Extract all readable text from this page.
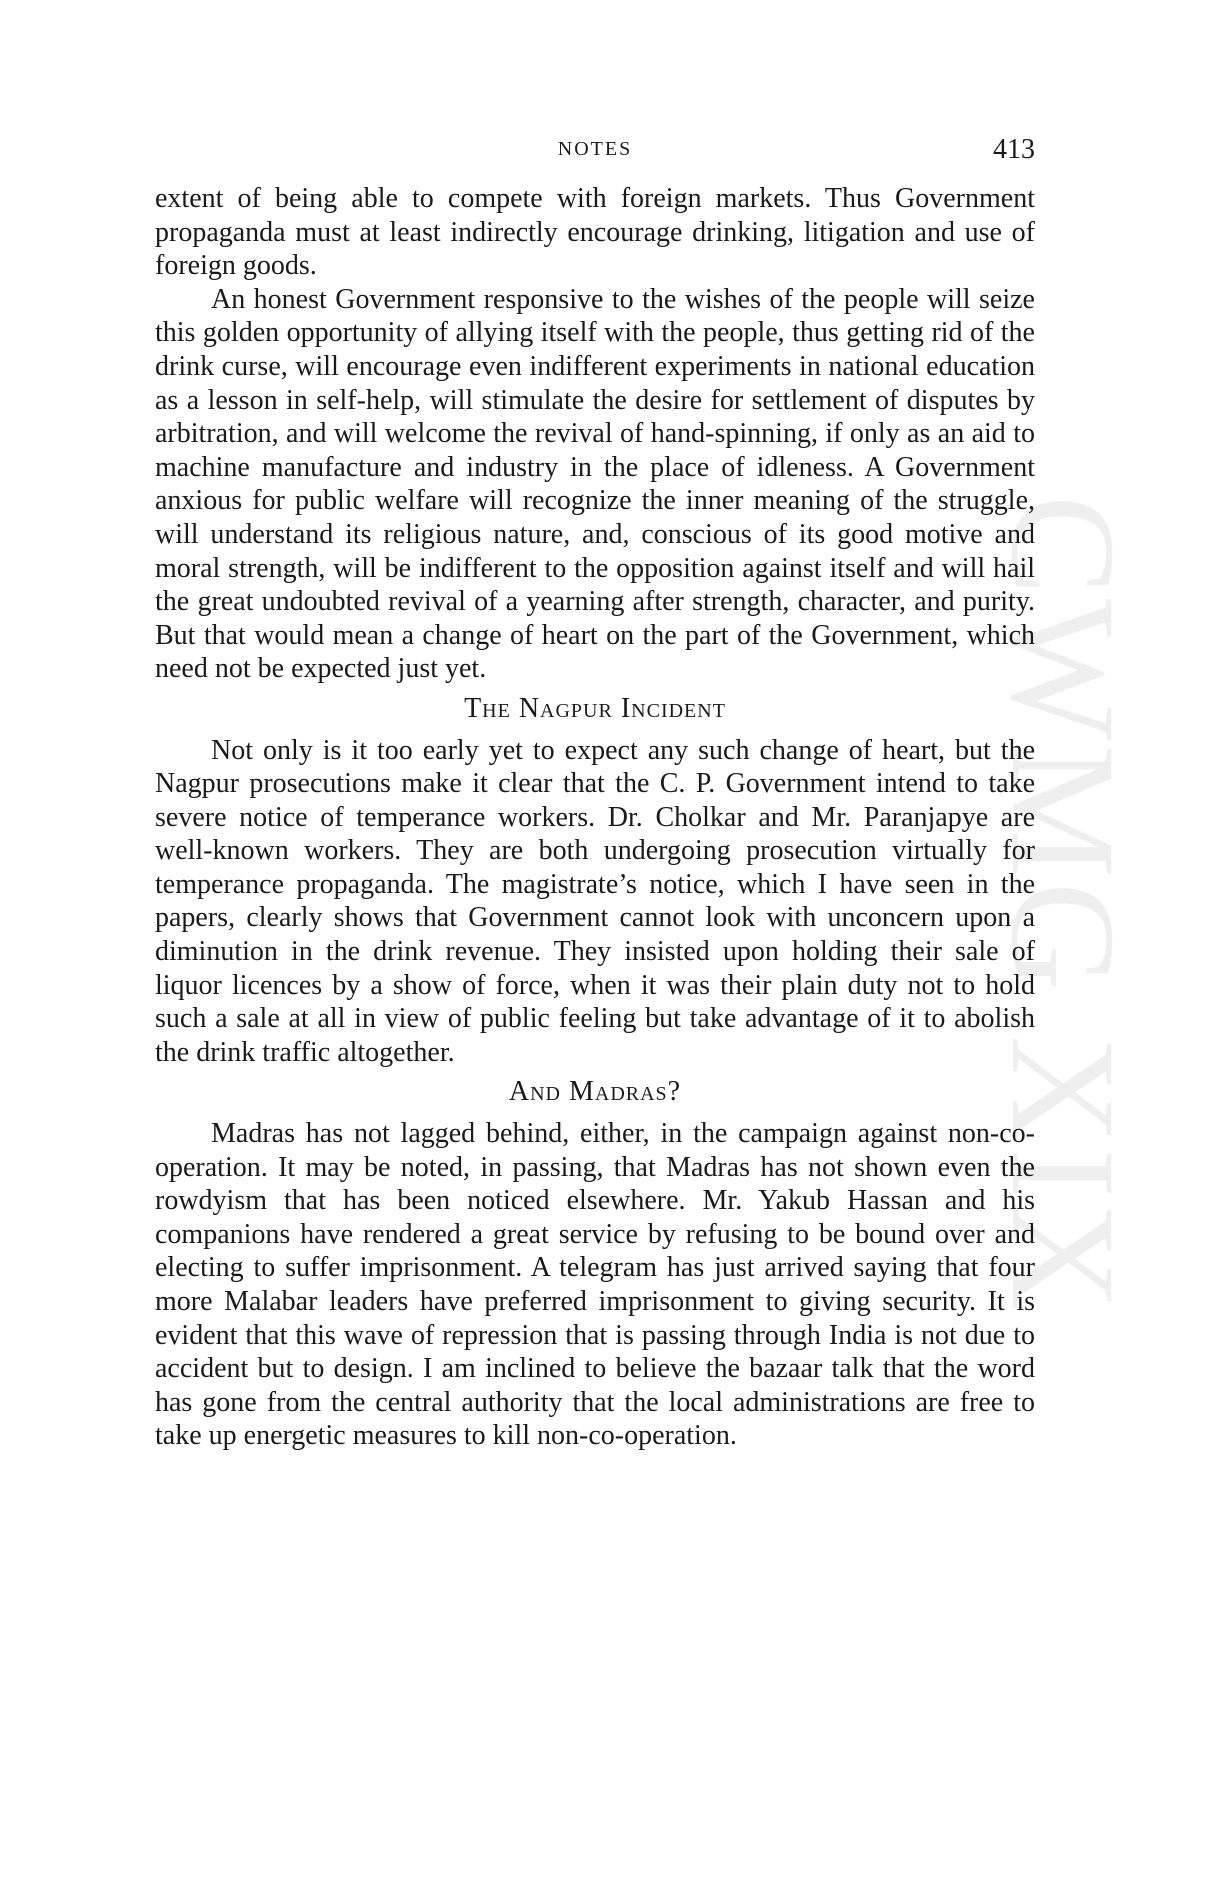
CWMG XIX
NOTES	413

extent of being able to compete with foreign markets. Thus Government propaganda must at least indirectly encourage drinking, litigation and use of foreign goods.

An honest Government responsive to the wishes of the people will seize this golden opportunity of allying itself with the people, thus getting rid of the drink curse, will encourage even indifferent experiments in national education as a lesson in self-help, will stimulate the desire for settlement of disputes by arbitration, and will welcome the revival of hand-spinning, if only as an aid to machine manufacture and industry in the place of idleness. A Government anxious for public welfare will recognize the inner meaning of the struggle, will understand its religious nature, and, conscious of its good motive and moral strength, will be indifferent to the opposition against itself and will hail the great undoubted revival of a yearning after strength, character, and purity. But that would mean a change of heart on the part of the Government, which need not be expected just yet.

The Nagpur Incident

Not only is it too early yet to expect any such change of heart, but the Nagpur prosecutions make it clear that the C. P. Government intend to take severe notice of temperance workers. Dr. Cholkar and Mr. Paranjapye are well-known workers. They are both undergoing prosecution virtually for temperance propaganda. The magistrate’s notice, which I have seen in the papers, clearly shows that Government cannot look with unconcern upon a diminution in the drink revenue. They insisted upon holding their sale of liquor licences by a show of force, when it was their plain duty not to hold such a sale at all in view of public feeling but take advantage of it to abolish the drink traffic altogether.

And Madras?

Madras has not lagged behind, either, in the campaign against non-co-operation. It may be noted, in passing, that Madras has not shown even the rowdyism that has been noticed elsewhere. Mr. Yakub Hassan and his companions have rendered a great service by refusing to be bound over and electing to suffer imprisonment. A telegram has just arrived saying that four more Malabar leaders have preferred imprisonment to giving security. It is evident that this wave of repression that is passing through India is not due to accident but to design. I am inclined to believe the bazaar talk that the word has gone from the central authority that the local administrations are free to take up energetic measures to kill non-co-operation.
